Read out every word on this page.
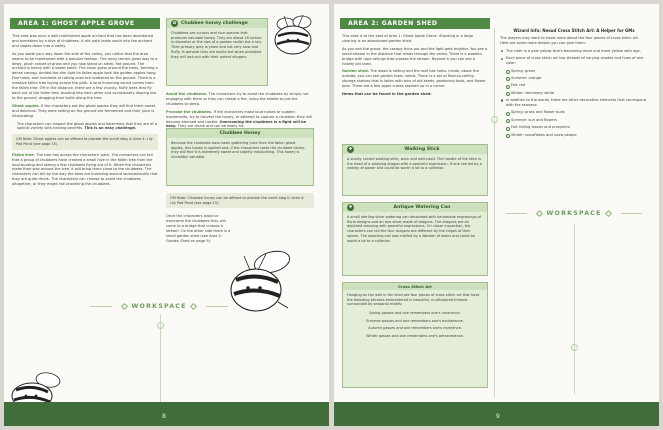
AREA 1: GHOST APPLE GROVE

This area was once a well-maintained apple orchard that has been abandoned and overtaken by a hive of chubbees. A dirt path leads south into the orchard and slopes down into a valley.

As you wade your way down the side of the valley, you notice that the area seems to be maintained with a peculiar fashion. The rocky terrain gives way to a dewy, plush carpet of grass and you now stand on sleek, flat ground. The orchard is heavy with a sweet smell. The clean grass around the trees, forming a dense canopy. Amidst the dim light its fallen apple look like golden apples hang. Five trees, and hundreds of rotting ones are scattered on the ground. There is a massive fallen tree laying across the path. A loud humming sound comes from the fallen tree. Off in the distance, there are a few chunky, fluffy bees that fly back out of the fallen tree, buzzing into each other and occasionally dipping low to the ground, dragging their butts along the tree.

Ghost apples. If the characters eat the ghost apples they will find them sweet and delicious. They were rotting on the ground are fermented and their juice is intoxicating.

The characters can inspect the ghost apples and determine that they are of a special variety with healing benefits. This is an easy challenge.

GM Note: Ghost apples can be offered to placate the sunlit stag in Area 4: Lily Pad Pond (see page 15).

Fallen tree. The tree has across the characters' path. The characters can tell that a group of chubbees have created a small hive in the fallen tree from the loud buzzing and seeing a few chubbees flying out of it. When the characters make their way around the tree, it will bring them close to the chubbees. The characters can tell by the way the bees are bumbling around lackadaisically that they are quite drunk. The characters can choose to avoid the chubbees altogether, or they might risk provoking the chubbees.

✿	Chubbee honey challenge
Chubbees are curious and nice species that produces valuable honey. They are about 18 inches in diameter or the size of a garden radish but a shy. Their primary prey is yeast and not very slow and fluffy. In general they are docile but when provoked they will lash out with their potent stingers.

Avoid the chubbees. The characters try to avoid the chubbees by simply not engaging with them or they can create a fire, using the smoke to put the chubbees to sleep.

Provoke the chubbees. If the characters make loud noises or sudden movements, try to harvest the honey, or attempt to capture a chubbee, they will become alarmed and hostile. Overcoming the chubbees is a fight will be easy. They are drunk and can be easily hit.

Chubbee Honey
Because the chubbees have been gathering juice from the fallen ghost apples, this honey is spoiled and, if the characters taste the chubbee honey, they will find it is extremely sweet and slightly intoxicating. This honey is incredibly valuable.
GM Note: Chubbee honey can be offered to placate the sunlit stag in Area 4: Lily Pad Pond (see page 15).
Once the characters avoid or overcome the chubbees they will come to a bridge that crosses a stream. On the other side there is a small garden shed (see Area 2: Garden Shed on page 9).
WORKSPACE
8
AREA 2: GARDEN SHED

This area is to the east of Area 1: Ghost Apple Grove. Standing in a large clearing is an abandoned garden shed.

As you exit the grove, the canopy thins out and the light gets brighter. You see a small stream in the distance that winds through the valley. There is a wooden bridge with rope railings that crosses the stream. Beyond it you can see a rickety old shed.

Garden shed. The wood is rotting and the roof has holes. Inside, about the outside, you can see garden tools, seeds. There is a set of floor-to-ceiling storage shelves that is laden with bins of old seeds, gardening tools, and flower pots. There are a few apple crates stacked up in a corner.

Items that can be found in the garden shed:

❖	Walking Stick
A sturdy carved walking stick, worn and well-used. The handle of the stick is the head of a sleeping dragon with a peaceful expression. If one carried by a nearby of power and could be worth a lot to a collector.
❖	Antique Watering Can
A small sterling silver watering can decorated with handmade engravings of floral designs and an eye-silver-made of dragons. The dragons are all depicted sleeping with peaceful expressions. On closer inspection, the characters can tell the four dragons are different by the ridges of their spines. The watering can was crafted by a Warden of lowns and could be worth a lot to a collector.
Cross Stitch Art
Hanging on the wall in the shed are four pieces of cross stitch art that have the following phrases embroidered in beautiful, multicolored threads surrounded by seasonal motifs:
Spring passes and one remembers one's innocence.
Summer passes and one remembers one's exuberance.
Autumn passes and one remembers one's reverence.
Winter passes and one remembers one's perseverance.
Wizard Info: Nesud Cross Stitch Art: A Helper for GMs

The players may want to know more about the four pieces of cross stitch art. Here are some more details you can give them:

The cloth is a pale yellow that's becoming more and more yellow with age.
Each piece of cross stitch art has threads of varying shades and hues of one color:
Spring: green
Summer: orange
Fall: red
Winter: shimmery white
In addition to the words, there are other decorative elements that correspond with the seasons:
Spring: grass and flower buds
Summer: sun and flowers
Fall: falling leaves and pumpkins
Winter: snowflakes and snow people
WORKSPACE
9
